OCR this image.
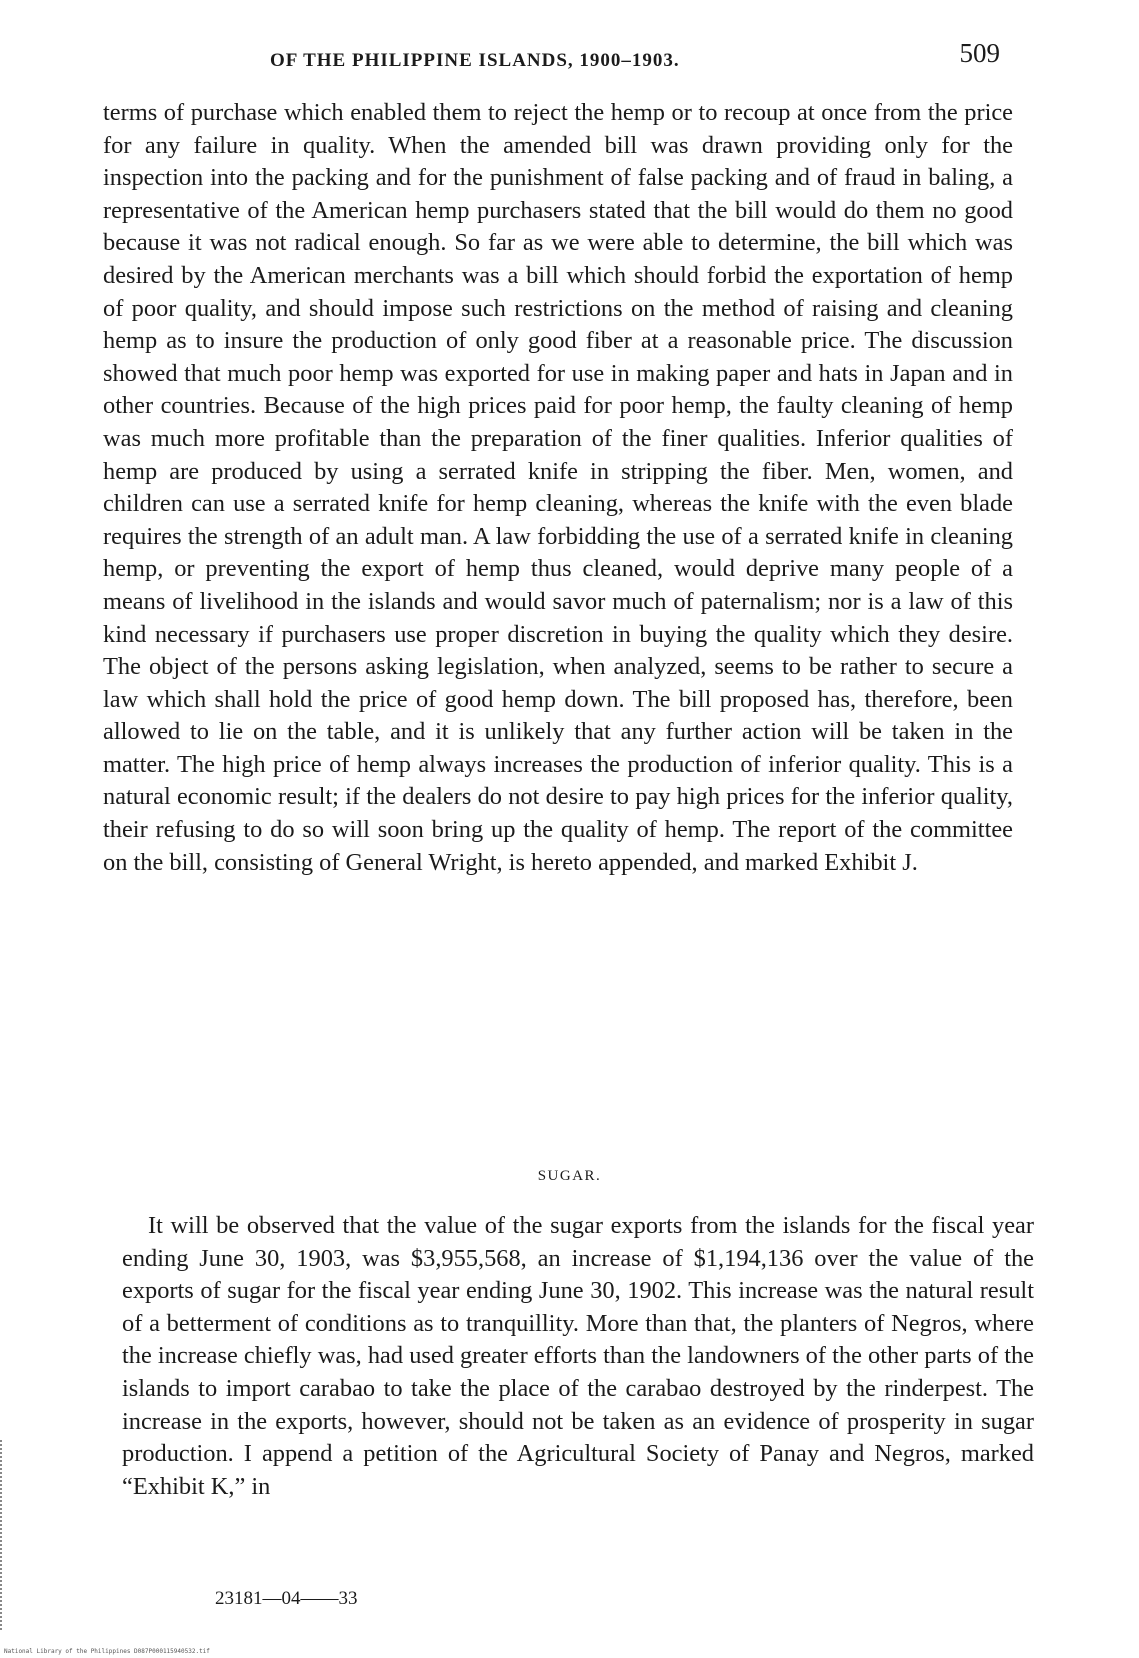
OF THE PHILIPPINE ISLANDS, 1900–1903.	509

terms of purchase which enabled them to reject the hemp or to recoup at once from the price for any failure in quality. When the amended bill was drawn providing only for the inspection into the packing and for the punishment of false packing and of fraud in baling, a representative of the American hemp purchasers stated that the bill would do them no good because it was not radical enough. So far as we were able to determine, the bill which was desired by the American merchants was a bill which should forbid the exportation of hemp of poor quality, and should impose such restrictions on the method of raising and cleaning hemp as to insure the production of only good fiber at a reasonable price. The discussion showed that much poor hemp was exported for use in making paper and hats in Japan and in other countries. Because of the high prices paid for poor hemp, the faulty cleaning of hemp was much more profitable than the preparation of the finer qualities. Inferior qualities of hemp are produced by using a serrated knife in stripping the fiber. Men, women, and children can use a serrated knife for hemp cleaning, whereas the knife with the even blade requires the strength of an adult man. A law forbidding the use of a serrated knife in cleaning hemp, or preventing the export of hemp thus cleaned, would deprive many people of a means of livelihood in the islands and would savor much of paternalism; nor is a law of this kind necessary if purchasers use proper discretion in buying the quality which they desire. The object of the persons asking legislation, when analyzed, seems to be rather to secure a law which shall hold the price of good hemp down. The bill proposed has, therefore, been allowed to lie on the table, and it is unlikely that any further action will be taken in the matter. The high price of hemp always increases the production of inferior quality. This is a natural economic result; if the dealers do not desire to pay high prices for the inferior quality, their refusing to do so will soon bring up the quality of hemp. The report of the committee on the bill, consisting of General Wright, is hereto appended, and marked Exhibit J.

SUGAR.

It will be observed that the value of the sugar exports from the islands for the fiscal year ending June 30, 1903, was $3,955,568, an increase of $1,194,136 over the value of the exports of sugar for the fiscal year ending June 30, 1902. This increase was the natural result of a betterment of conditions as to tranquillity. More than that, the planters of Negros, where the increase chiefly was, had used greater efforts than the landowners of the other parts of the islands to import carabao to take the place of the carabao destroyed by the rinderpest. The increase in the exports, however, should not be taken as an evidence of prosperity in sugar production. I append a petition of the Agricultural Society of Panay and Negros, marked “Exhibit K,” in

23181—04——33
National Library of the Philippines D087P000115940532.tif
